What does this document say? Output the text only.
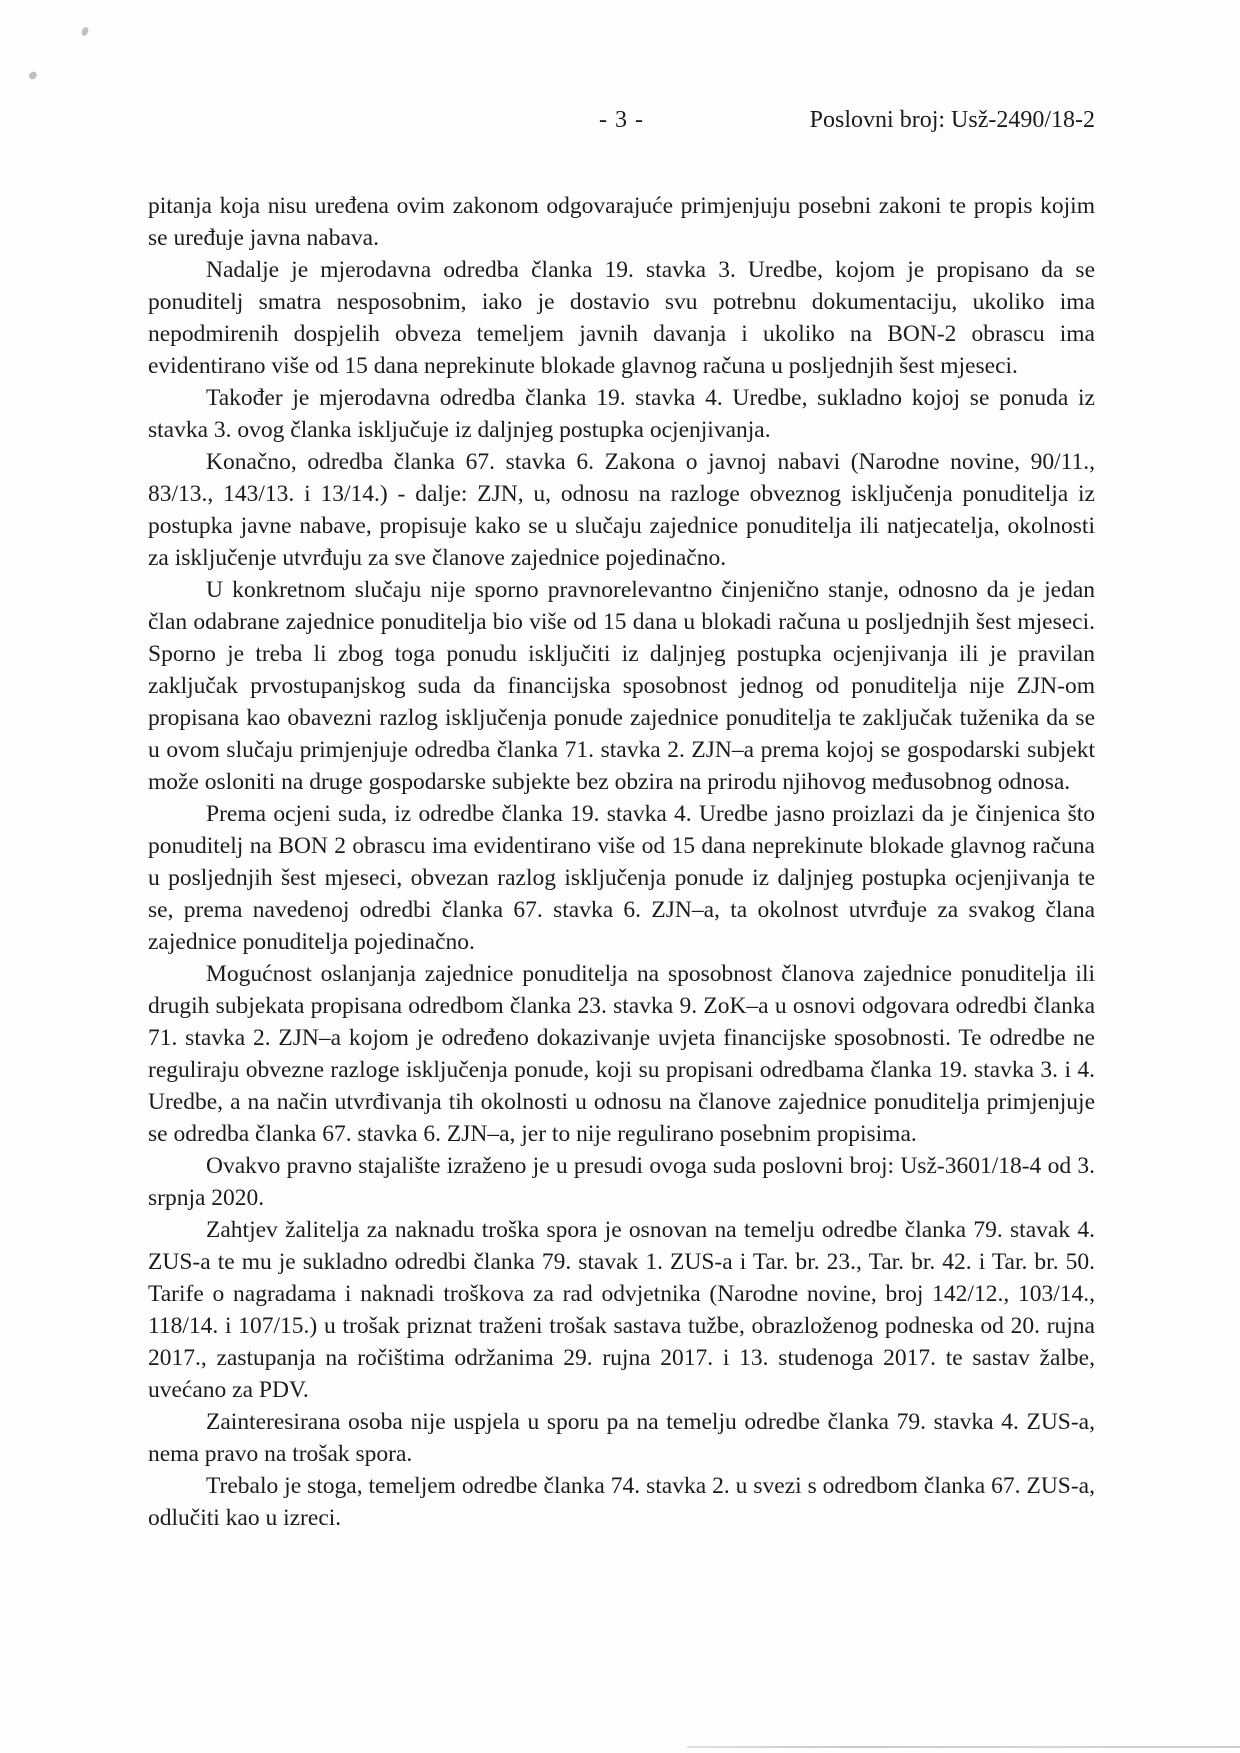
- 3 -	Poslovni broj: Usž-2490/18-2

pitanja koja nisu uređena ovim zakonom odgovarajuće primjenjuju posebni zakoni te propis kojim se uređuje javna nabava.

Nadalje je mjerodavna odredba članka 19. stavka 3. Uredbe, kojom je propisano da se ponuditelj smatra nesposobnim, iako je dostavio svu potrebnu dokumentaciju, ukoliko ima nepodmirenih dospjelih obveza temeljem javnih davanja i ukoliko na BON-2 obrascu ima evidentirano više od 15 dana neprekinute blokade glavnog računa u posljednjih šest mjeseci.

Također je mjerodavna odredba članka 19. stavka 4. Uredbe, sukladno kojoj se ponuda iz stavka 3. ovog članka isključuje iz daljnjeg postupka ocjenjivanja.

Konačno, odredba članka 67. stavka 6. Zakona o javnoj nabavi (Narodne novine, 90/11., 83/13., 143/13. i 13/14.) - dalje: ZJN, u, odnosu na razloge obveznog isključenja ponuditelja iz postupka javne nabave, propisuje kako se u slučaju zajednice ponuditelja ili natjecatelja, okolnosti za isključenje utvrđuju za sve članove zajednice pojedinačno.

U konkretnom slučaju nije sporno pravnorelevantno činjenično stanje, odnosno da je jedan član odabrane zajednice ponuditelja bio više od 15 dana u blokadi računa u posljednjih šest mjeseci. Sporno je treba li zbog toga ponudu isključiti iz daljnjeg postupka ocjenjivanja ili je pravilan zaključak prvostupanjskog suda da financijska sposobnost jednog od ponuditelja nije ZJN-om propisana kao obavezni razlog isključenja ponude zajednice ponuditelja te zaključak tuženika da se u ovom slučaju primjenjuje odredba članka 71. stavka 2. ZJN–a prema kojoj se gospodarski subjekt može osloniti na druge gospodarske subjekte bez obzira na prirodu njihovog međusobnog odnosa.

Prema ocjeni suda, iz odredbe članka 19. stavka 4. Uredbe jasno proizlazi da je činjenica što ponuditelj na BON 2 obrascu ima evidentirano više od 15 dana neprekinute blokade glavnog računa u posljednjih šest mjeseci, obvezan razlog isključenja ponude iz daljnjeg postupka ocjenjivanja te se, prema navedenoj odredbi članka 67. stavka 6. ZJN–a, ta okolnost utvrđuje za svakog člana zajednice ponuditelja pojedinačno.

Mogućnost oslanjanja zajednice ponuditelja na sposobnost članova zajednice ponuditelja ili drugih subjekata propisana odredbom članka 23. stavka 9. ZoK–a u osnovi odgovara odredbi članka 71. stavka 2. ZJN–a kojom je određeno dokazivanje uvjeta financijske sposobnosti. Te odredbe ne reguliraju obvezne razloge isključenja ponude, koji su propisani odredbama članka 19. stavka 3. i 4. Uredbe, a na način utvrđivanja tih okolnosti u odnosu na članove zajednice ponuditelja primjenjuje se odredba članka 67. stavka 6. ZJN–a, jer to nije regulirano posebnim propisima.

Ovakvo pravno stajalište izraženo je u presudi ovoga suda poslovni broj: Usž-3601/18-4 od 3. srpnja 2020.

Zahtjev žalitelja za naknadu troška spora je osnovan na temelju odredbe članka 79. stavak 4. ZUS-a te mu je sukladno odredbi članka 79. stavak 1. ZUS-a i Tar. br. 23., Tar. br. 42. i Tar. br. 50. Tarife o nagradama i naknadi troškova za rad odvjetnika (Narodne novine, broj 142/12., 103/14., 118/14. i 107/15.) u trošak priznat traženi trošak sastava tužbe, obrazloženog podneska od 20. rujna 2017., zastupanja na ročištima održanima 29. rujna 2017. i 13. studenoga 2017. te sastav žalbe, uvećano za PDV.

Zainteresirana osoba nije uspjela u sporu pa na temelju odredbe članka 79. stavka 4. ZUS-a, nema pravo na trošak spora.

Trebalo je stoga, temeljem odredbe članka 74. stavka 2. u svezi s odredbom članka 67. ZUS-a, odlučiti kao u izreci.
